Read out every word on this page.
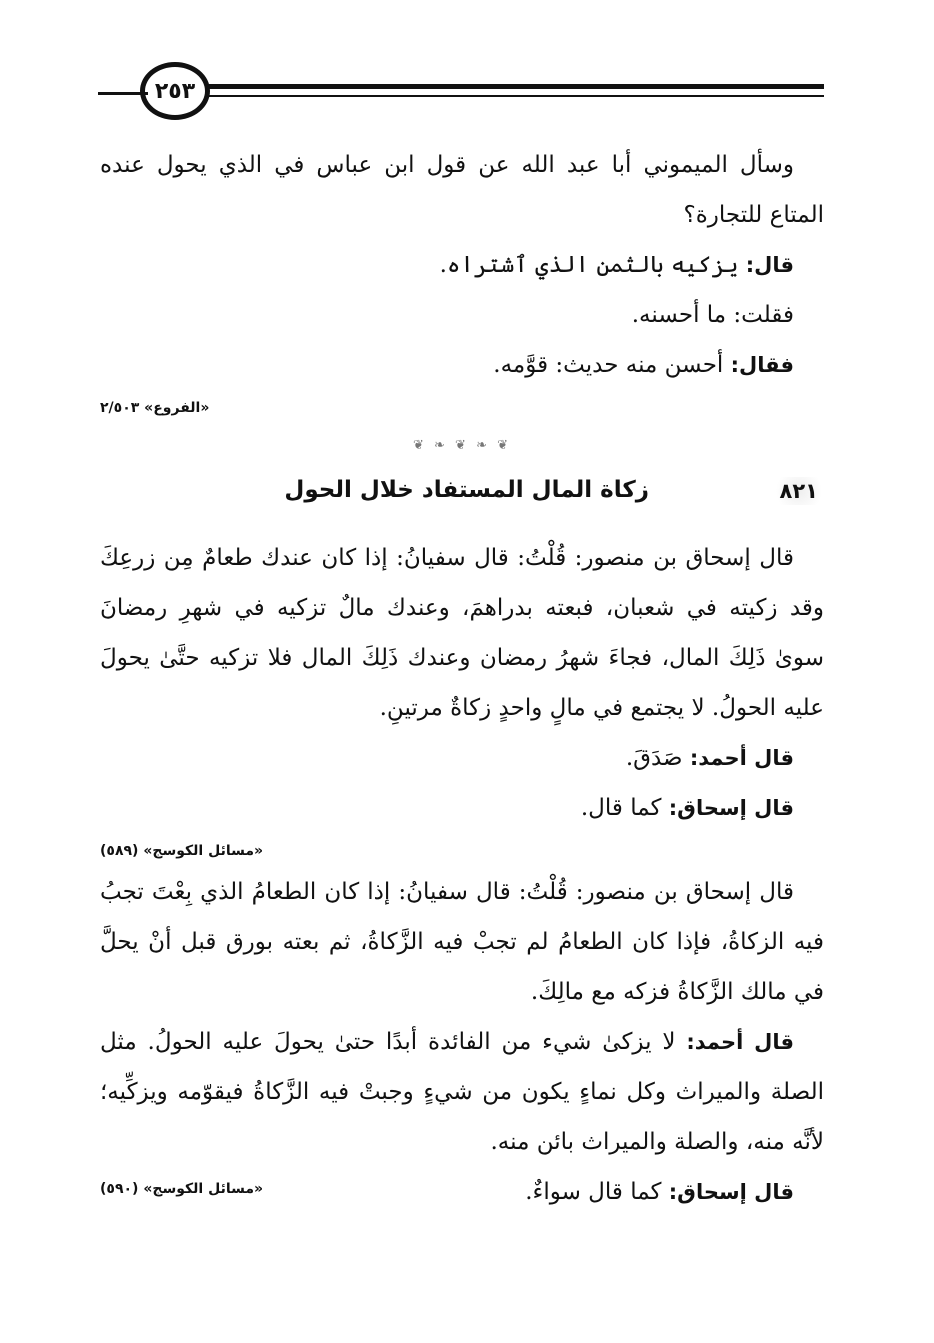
٢٥٣

وسأل الميموني أبا عبد الله عن قول ابن عباس في الذي يحول عنده المتاع للتجارة؟

قال: يزكيه بالثمن الذي ٱشتراه.

فقلت: ما أحسنه.

فقال: أحسن منه حديث: قوَّمه.

«الفروع» ٢/٥٠٣
❦ ❧ ❦ ❧ ❦
٨٢١
زكاة المال المستفاد خلال الحول

قال إسحاق بن منصور: قُلْتُ: قال سفيانُ: إذا كان عندك طعامٌ مِن زرعِكَ وقد زكيته في شعبان، فبعته بدراهمَ، وعندك مالٌ تزكيه في شهرِ رمضانَ سوىٰ ذَلِكَ المال، فجاءَ شهرُ رمضان وعندك ذَلِكَ المال فلا تزكيه حتَّىٰ يحولَ عليه الحولُ. لا يجتمع في مالٍ واحدٍ زكاةٌ مرتينِ.

قال أحمد: صَدَقَ.

قال إسحاق: كما قال.

«مسائل الكوسج» (٥٨٩)

قال إسحاق بن منصور: قُلْتُ: قال سفيانُ: إذا كان الطعامُ الذي بِعْتَ تجبُ فيه الزكاةُ، فإذا كان الطعامُ لم تجبْ فيه الزَّكاةُ، ثم بعته بورق قبل أنْ يحلَّ في مالك الزَّكاةُ فزكه مع مالِكَ.

قال أحمد: لا يزكىٰ شيء من الفائدة أبدًا حتىٰ يحولَ عليه الحولُ. مثل الصلة والميراث وكل نماءٍ يكون من شيءٍ وجبتْ فيه الزَّكاةُ فيقوّمه ويزكِّيه؛ لأنَّه منه، والصلة والميراث بائن منه.

قال إسحاق: كما قال سواءٌ.

«مسائل الكوسج» (٥٩٠)
